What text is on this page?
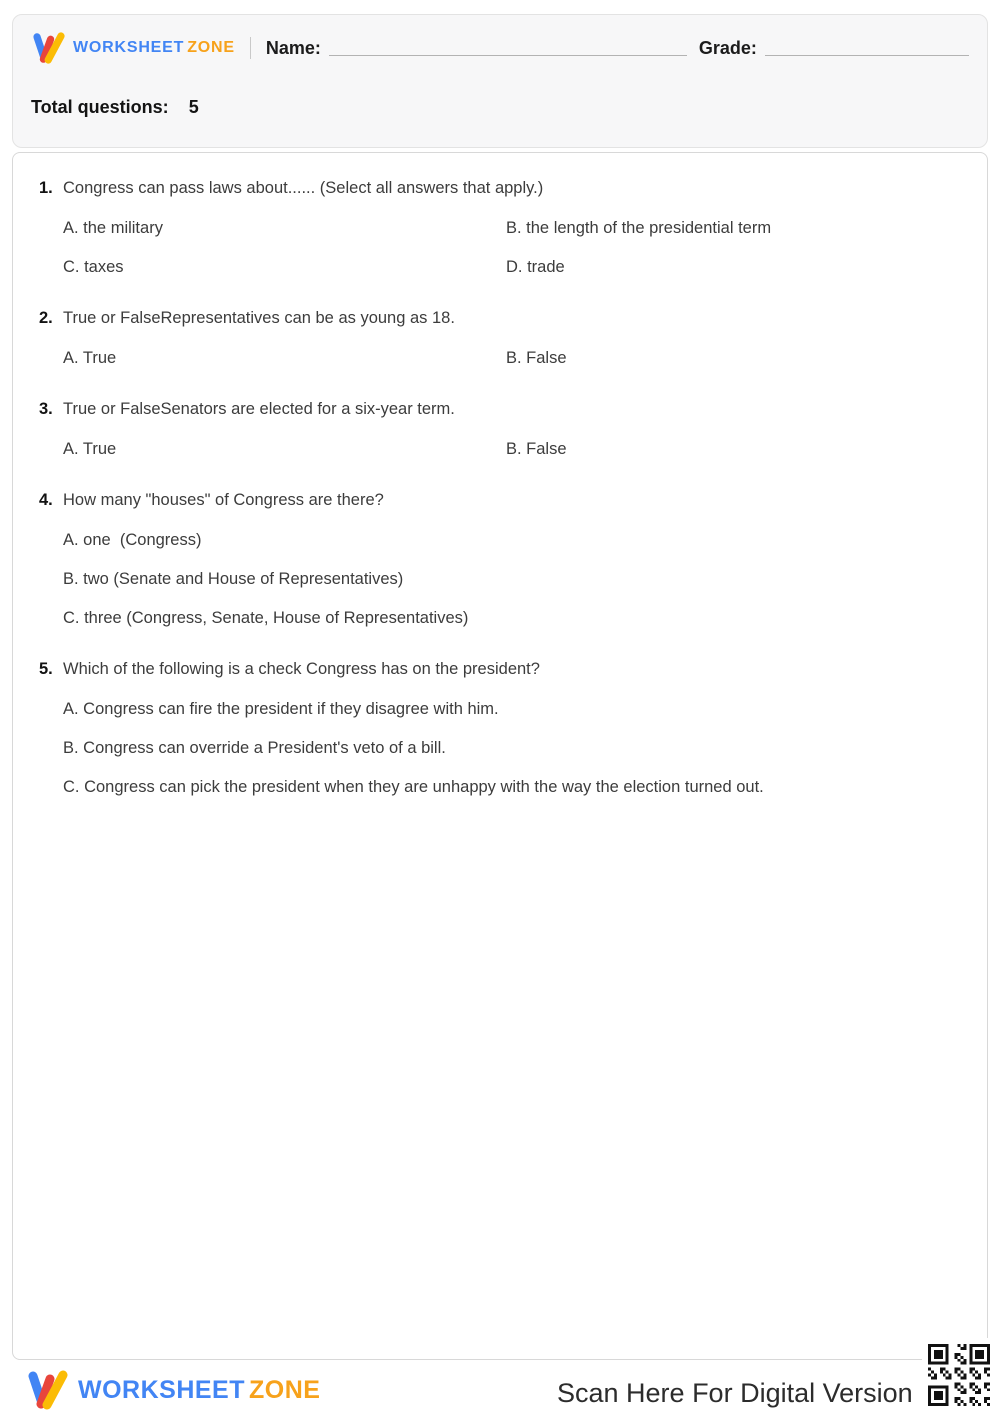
WORKSHEET ZONE Name:	Grade:
Total questions: 5
1. Congress can pass laws about...... (Select all answers that apply.)
A. the military	B. the length of the presidential term
C. taxes	D. trade
2. True or FalseRepresentatives can be as young as 18.
A. True	B. False
3. True or FalseSenators are elected for a six-year term.
A. True	B. False
4. How many "houses" of Congress are there?
A. one  (Congress)
B. two (Senate and House of Representatives)
C. three (Congress, Senate, House of Representatives)
5. Which of the following is a check Congress has on the president?
A. Congress can fire the president if they disagree with him.
B. Congress can override a President's veto of a bill.
C. Congress can pick the president when they are unhappy with the way the election turned out.
WORKSHEET ZONE	Scan Here For Digital Version
